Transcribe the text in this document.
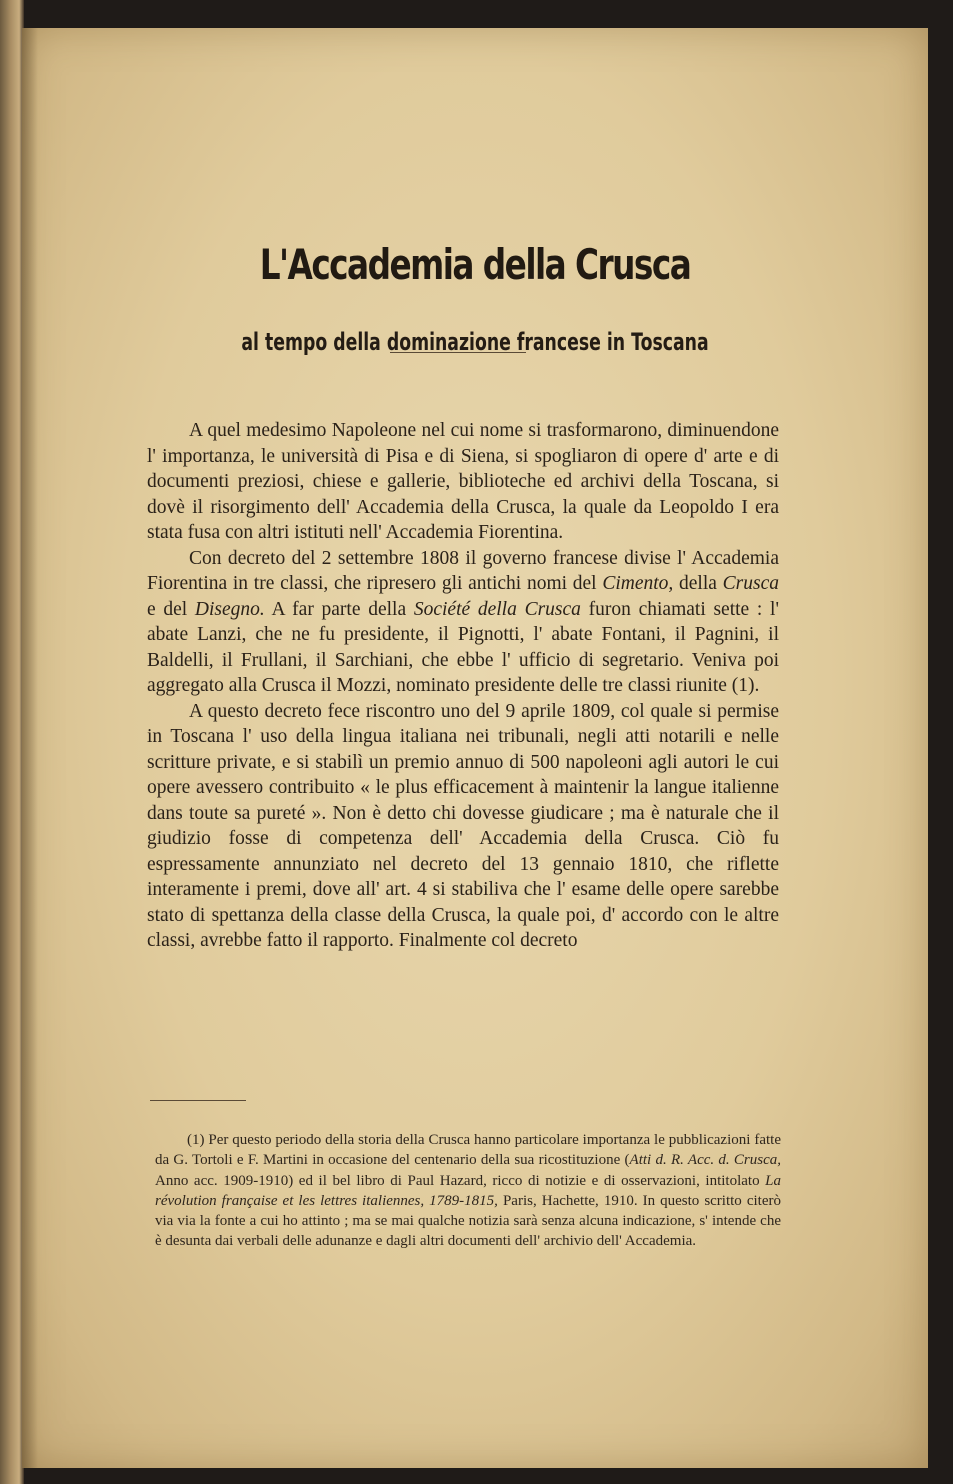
L'Accademia della Crusca
al tempo della dominazione francese in Toscana

A quel medesimo Napoleone nel cui nome si trasformarono, diminuendone l' importanza, le università di Pisa e di Siena, si spogliaron di opere d' arte e di documenti preziosi, chiese e gallerie, biblioteche ed archivi della Toscana, si dovè il risorgimento dell' Accademia della Crusca, la quale da Leopoldo I era stata fusa con altri istituti nell' Accademia Fiorentina.

Con decreto del 2 settembre 1808 il governo francese divise l' Accademia Fiorentina in tre classi, che ripresero gli antichi nomi del Cimento, della Crusca e del Disegno. A far parte della Société della Crusca furon chiamati sette : l' abate Lanzi, che ne fu presidente, il Pignotti, l' abate Fontani, il Pagnini, il Baldelli, il Frullani, il Sarchiani, che ebbe l' ufficio di segretario. Veniva poi aggregato alla Crusca il Mozzi, nominato presidente delle tre classi riunite (1).

A questo decreto fece riscontro uno del 9 aprile 1809, col quale si permise in Toscana l' uso della lingua italiana nei tribunali, negli atti notarili e nelle scritture private, e si stabilì un premio annuo di 500 napoleoni agli autori le cui opere avessero contribuito « le plus efficacement à maintenir la langue italienne dans toute sa pureté ». Non è detto chi dovesse giudicare ; ma è naturale che il giudizio fosse di competenza dell' Accademia della Crusca. Ciò fu espressamente annunziato nel decreto del 13 gennaio 1810, che riflette interamente i premi, dove all' art. 4 si stabiliva che l' esame delle opere sarebbe stato di spettanza della classe della Crusca, la quale poi, d' accordo con le altre classi, avrebbe fatto il rapporto. Finalmente col decreto

(1) Per questo periodo della storia della Crusca hanno particolare importanza le pubblicazioni fatte da G. Tortoli e F. Martini in occasione del centenario della sua ricostituzione (Atti d. R. Acc. d. Crusca, Anno acc. 1909-1910) ed il bel libro di Paul Hazard, ricco di notizie e di osservazioni, intitolato La révolution française et les lettres italiennes, 1789-1815, Paris, Hachette, 1910. In questo scritto citerò via via la fonte a cui ho attinto ; ma se mai qualche notizia sarà senza alcuna indicazione, s' intende che è desunta dai verbali delle adunanze e dagli altri documenti dell' archivio dell' Accademia.
